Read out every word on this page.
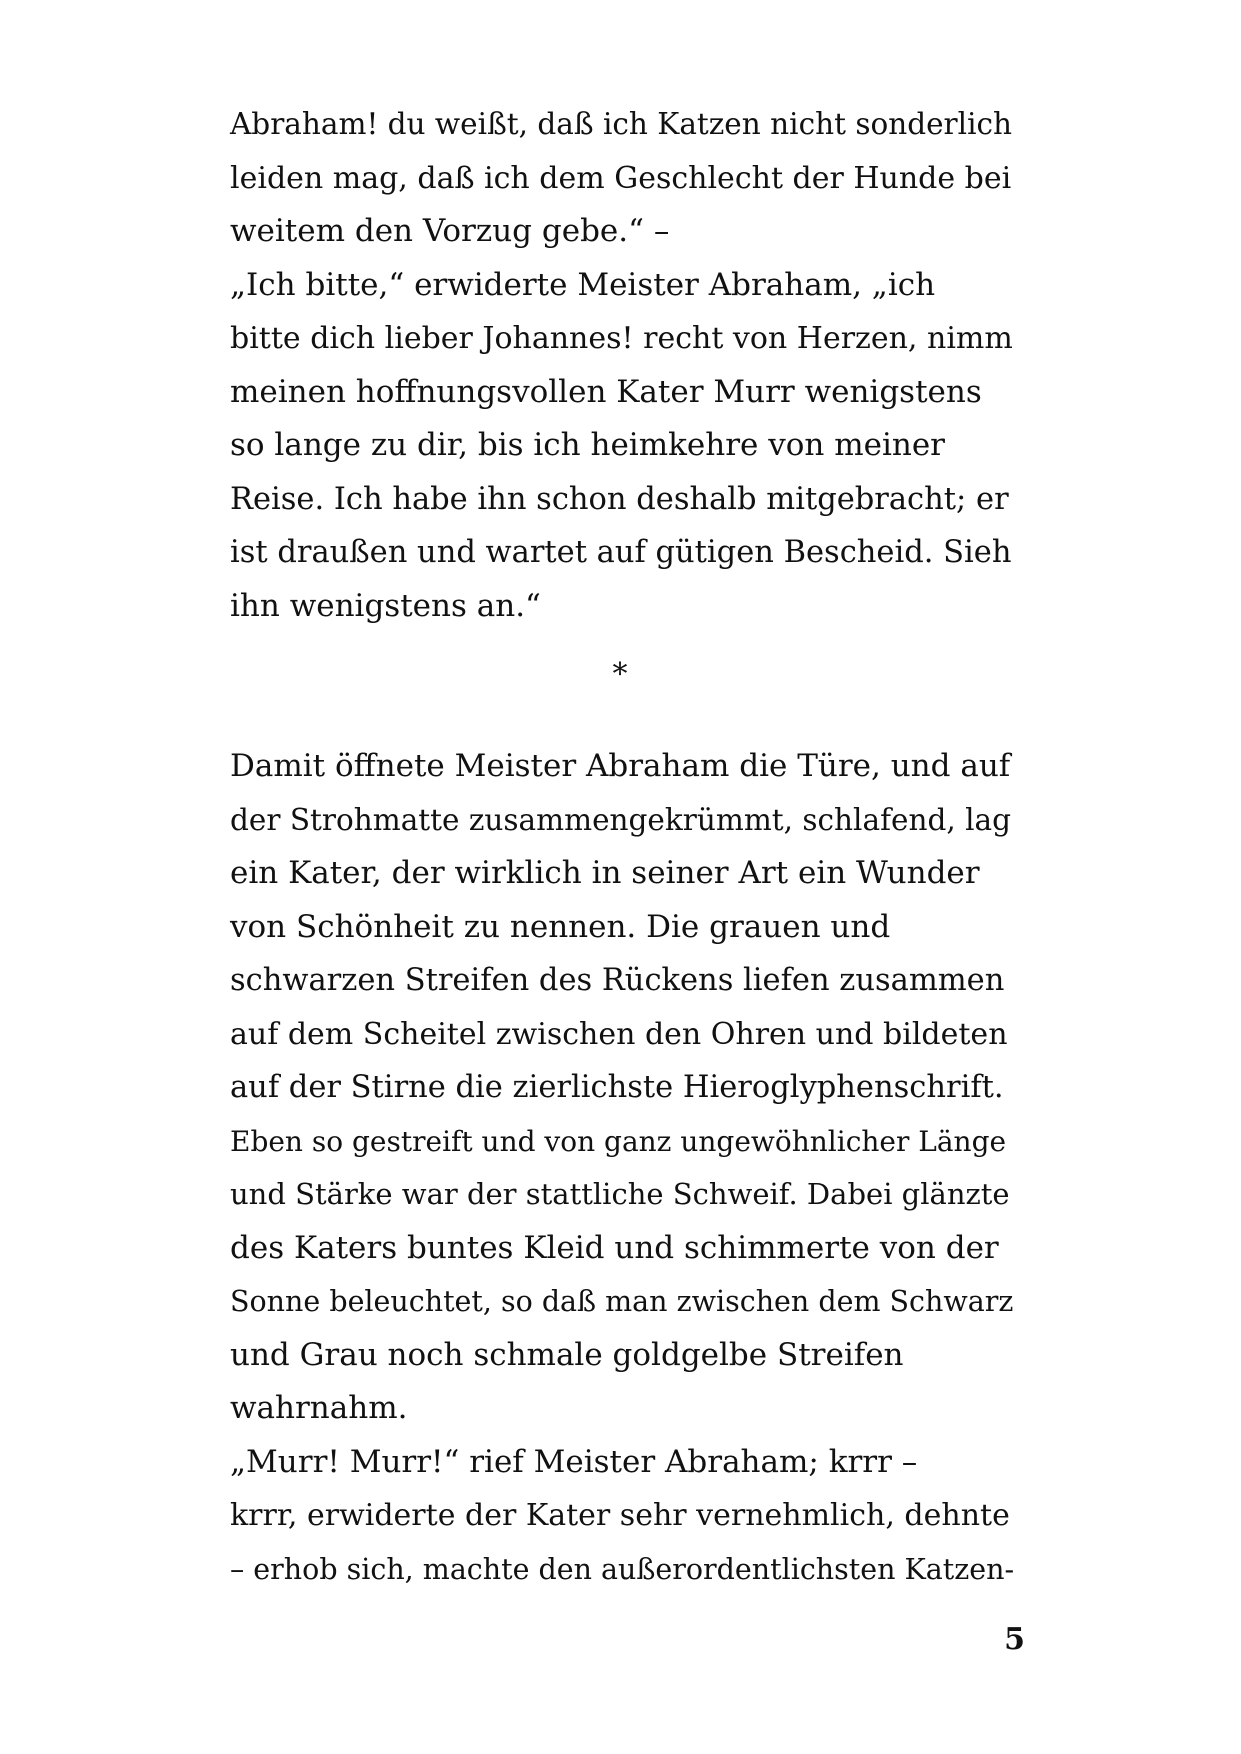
Abraham! du weißt, daß ich Katzen nicht sonderlich
leiden mag, daß ich dem Geschlecht der Hunde bei
weitem den Vorzug gebe.“ –
„Ich bitte,“ erwiderte Meister Abraham, „ich
bitte dich lieber Johannes! recht von Herzen, nimm
meinen hoffnungsvollen Kater Murr wenigstens
so lange zu dir, bis ich heimkehre von meiner
Reise. Ich habe ihn schon deshalb mitgebracht; er
ist draußen und wartet auf gütigen Bescheid. Sieh
ihn wenigstens an.“
*
Damit öffnete Meister Abraham die Türe, und auf
der Strohmatte zusammengekrümmt, schlafend, lag
ein Kater, der wirklich in seiner Art ein Wunder
von Schönheit zu nennen. Die grauen und
schwarzen Streifen des Rückens liefen zusammen
auf dem Scheitel zwischen den Ohren und bildeten
auf der Stirne die zierlichste Hieroglyphenschrift.
Eben so gestreift und von ganz ungewöhnlicher Länge
und Stärke war der stattliche Schweif. Dabei glänzte
des Katers buntes Kleid und schimmerte von der
Sonne beleuchtet, so daß man zwischen dem Schwarz
und Grau noch schmale goldgelbe Streifen
wahrnahm.
„Murr! Murr!“ rief Meister Abraham; krrr –
krrr, erwiderte der Kater sehr vernehmlich, dehnte
– erhob sich, machte den außerordentlichsten Katzen-
5
